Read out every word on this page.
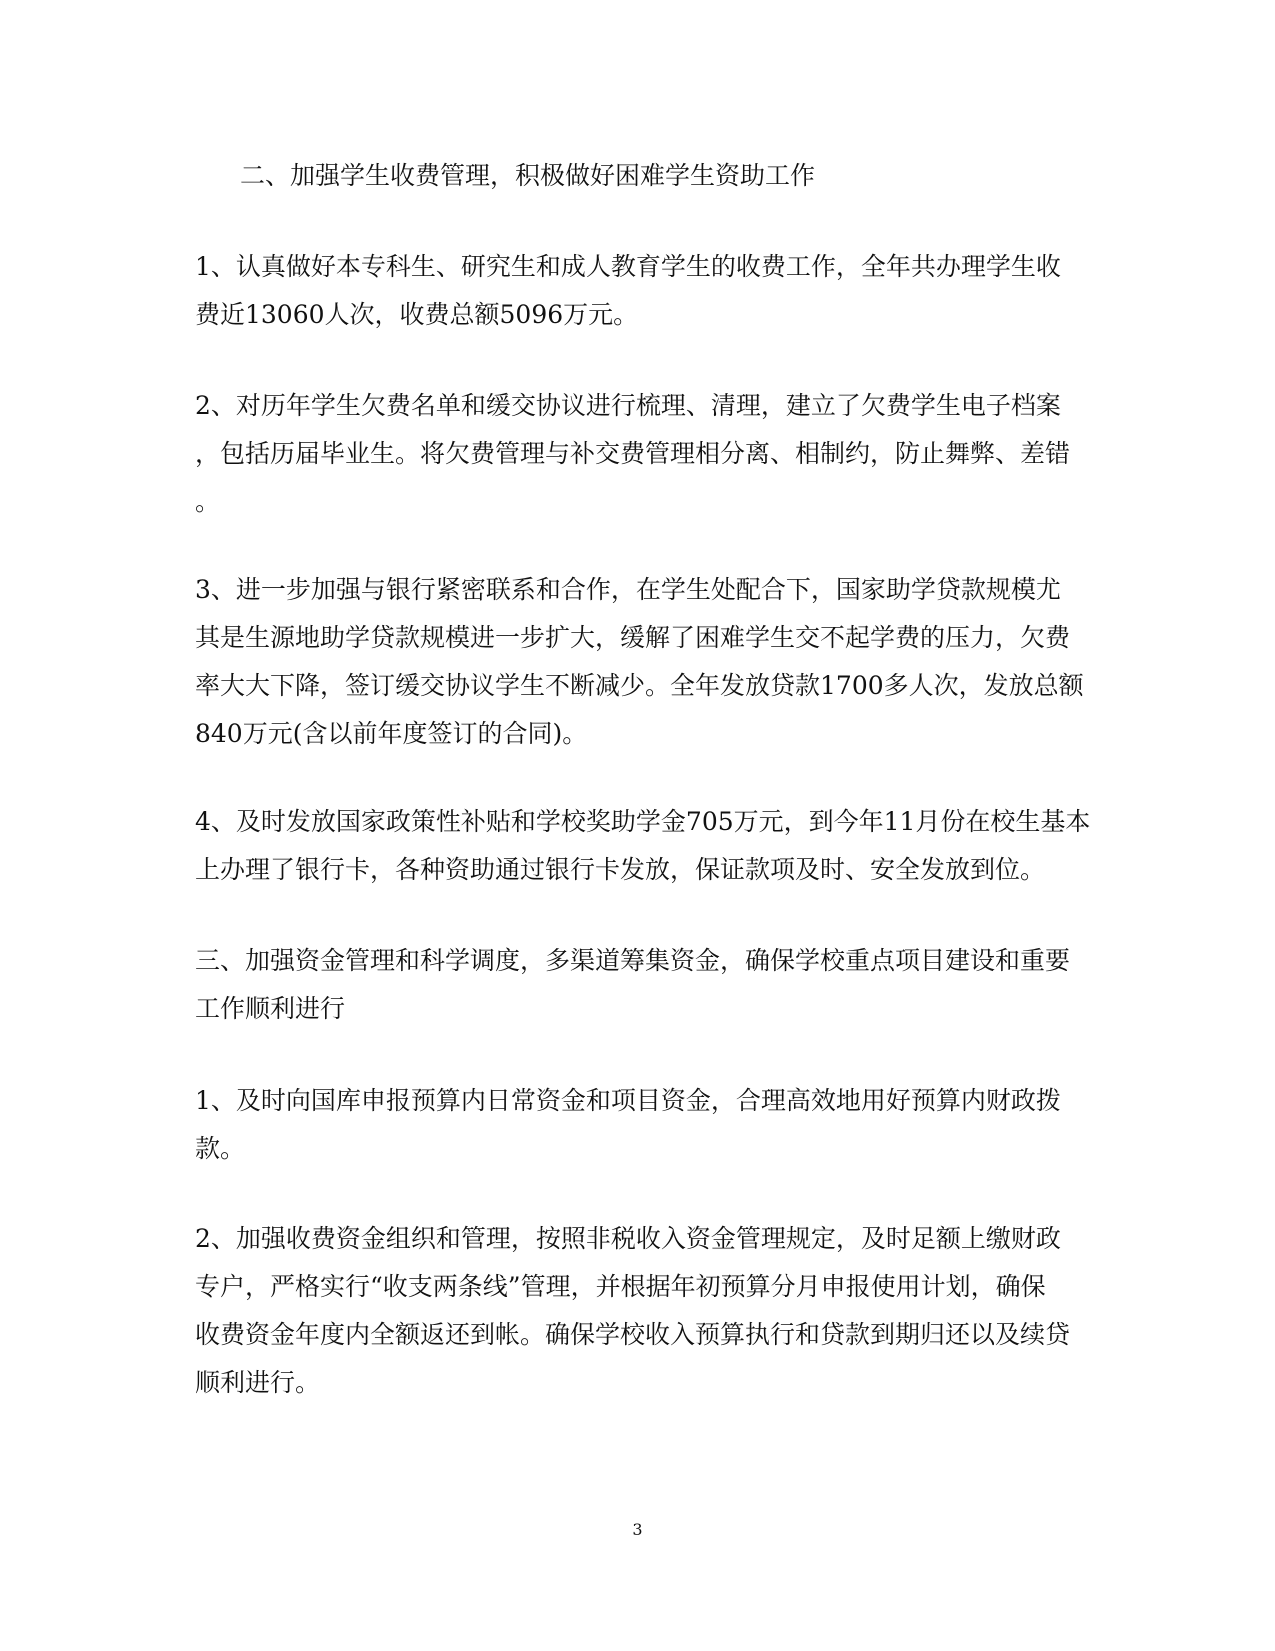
二、加强学生收费管理，积极做好困难学生资助工作
1、认真做好本专科生、研究生和成人教育学生的收费工作，全年共办理学生收
费近13060人次，收费总额5096万元。
2、对历年学生欠费名单和缓交协议进行梳理、清理，建立了欠费学生电子档案
，包括历届毕业生。将欠费管理与补交费管理相分离、相制约，防止舞弊、差错
。
3、进一步加强与银行紧密联系和合作，在学生处配合下，国家助学贷款规模尤
其是生源地助学贷款规模进一步扩大，缓解了困难学生交不起学费的压力，欠费
率大大下降，签订缓交协议学生不断减少。全年发放贷款1700多人次，发放总额
840万元(含以前年度签订的合同)。
4、及时发放国家政策性补贴和学校奖助学金705万元，到今年11月份在校生基本
上办理了银行卡，各种资助通过银行卡发放，保证款项及时、安全发放到位。
三、加强资金管理和科学调度，多渠道筹集资金，确保学校重点项目建设和重要
工作顺利进行
1、及时向国库申报预算内日常资金和项目资金，合理高效地用好预算内财政拨
款。
2、加强收费资金组织和管理，按照非税收入资金管理规定，及时足额上缴财政
专户，严格实行“收支两条线”管理，并根据年初预算分月申报使用计划，确保
收费资金年度内全额返还到帐。确保学校收入预算执行和贷款到期归还以及续贷
顺利进行。
3
